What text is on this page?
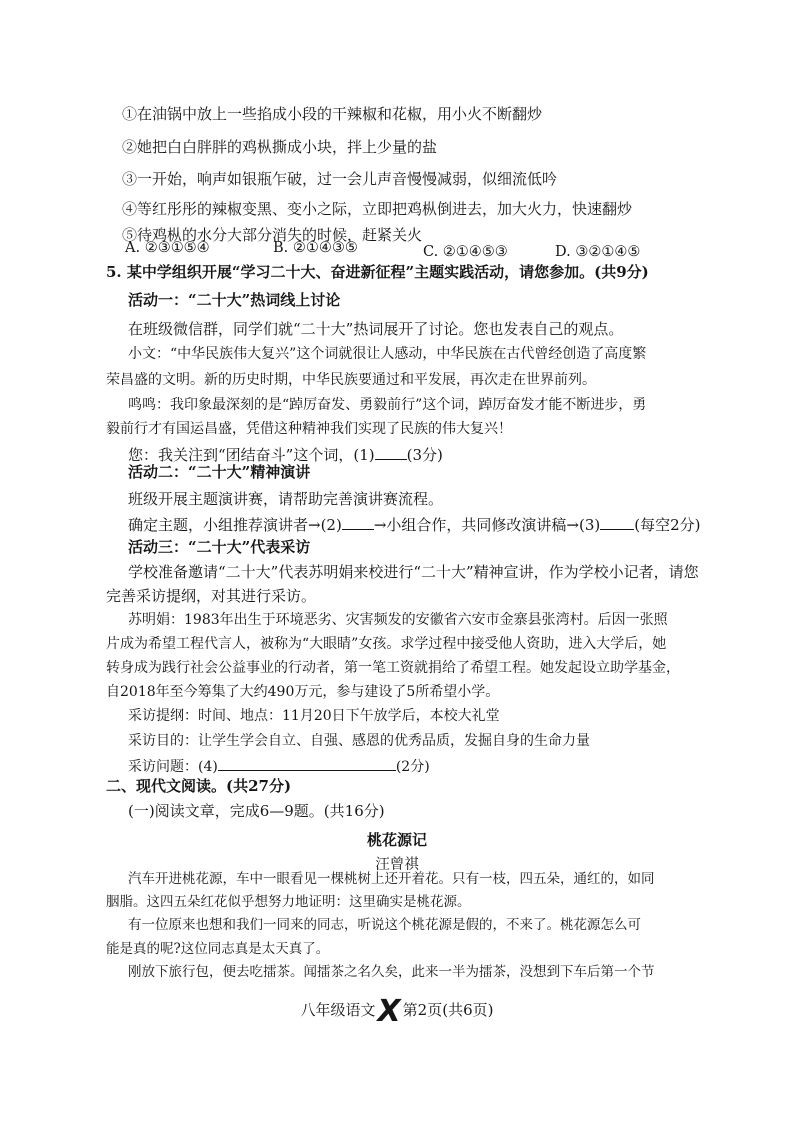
①在油锅中放上一些掐成小段的干辣椒和花椒，用小火不断翻炒
②她把白白胖胖的鸡枞撕成小块，拌上少量的盐
③一开始，响声如银瓶乍破，过一会儿声音慢慢减弱，似细流低吟
④等红彤彤的辣椒变黑、变小之际，立即把鸡枞倒进去，加大火力，快速翻炒
⑤待鸡枞的水分大部分消失的时候，赶紧关火
A. ②③①⑤④	B. ②①④③⑤	C. ②①④⑤③	D. ③②①④⑤
5. 某中学组织开展“学习二十大、奋进新征程”主题实践活动，请您参加。(共9分)
活动一：“二十大”热词线上讨论
在班级微信群，同学们就“二十大”热词展开了讨论。您也发表自己的观点。
小文：“中华民族伟大复兴”这个词就很让人感动，中华民族在古代曾经创造了高度繁
荣昌盛的文明。新的历史时期，中华民族要通过和平发展，再次走在世界前列。
鸣鸣：我印象最深刻的是“踔厉奋发、勇毅前行”这个词，踔厉奋发才能不断进步，勇
毅前行才有国运昌盛，凭借这种精神我们实现了民族的伟大复兴！
您：我关注到“团结奋斗”这个词，(1) (3分)
活动二：“二十大”精神演讲
班级开展主题演讲赛，请帮助完善演讲赛流程。
确定主题，小组推荐演讲者→(2) →小组合作，共同修改演讲稿→(3) (每空2分)
活动三：“二十大”代表采访
学校准备邀请“二十大”代表苏明娟来校进行“二十大”精神宣讲，作为学校小记者，请您
完善采访提纲，对其进行采访。
苏明娟：1983年出生于环境恶劣、灾害频发的安徽省六安市金寨县张湾村。后因一张照
片成为希望工程代言人，被称为“大眼睛”女孩。求学过程中接受他人资助，进入大学后，她
转身成为践行社会公益事业的行动者，第一笔工资就捐给了希望工程。她发起设立助学基金，
自2018年至今筹集了大约490万元，参与建设了5所希望小学。
采访提纲：时间、地点：11月20日下午放学后，本校大礼堂
采访目的：让学生学会自立、自强、感恩的优秀品质，发掘自身的生命力量
采访问题：(4)	(2分)
二、现代文阅读。(共27分)
(一)阅读文章，完成6—9题。(共16分)
桃花源记
汪曾祺
汽车开进桃花源，车中一眼看见一棵桃树上还开着花。只有一枝，四五朵，通红的，如同
胭脂。这四五朵红花似乎想努力地证明：这里确实是桃花源。
有一位原来也想和我们一同来的同志，听说这个桃花源是假的，不来了。桃花源怎么可
能是真的呢?这位同志真是太天真了。
刚放下旅行包，便去吃擂茶。闻擂茶之名久矣，此来一半为擂茶，没想到下车后第一个节
八年级语文X 第2页(共6页)
